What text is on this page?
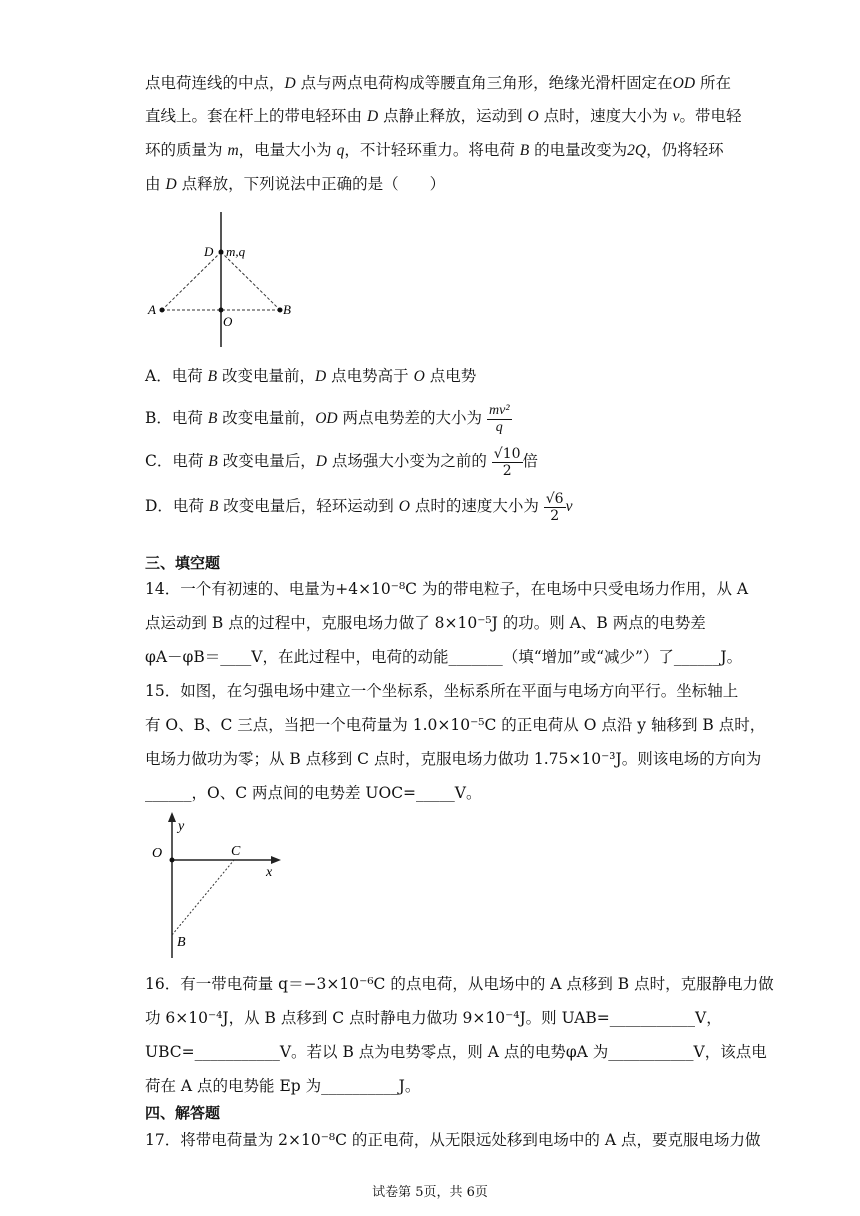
点电荷连线的中点，D 点与两点电荷构成等腰直角三角形，绝缘光滑杆固定在OD 所在
直线上。套在杆上的带电轻环由 D 点静止释放，运动到 O 点时，速度大小为 v。带电轻
环的质量为 m，电量大小为 q，不计轻环重力。将电荷 B 的电量改变为2Q，仍将轻环
由 D 点释放，下列说法中正确的是（　　）
D m,q
A
O
B
A．电荷 B 改变电量前，D 点电势高于 O 点电势
B．电荷 B 改变电量前，OD 两点电势差的大小为 $\frac{\text{mv²}}{q}$
C．电荷 B 改变电量后，D 点场强大小变为之前的 $\frac{√10}{2}$ 倍
D．电荷 B 改变电量后，轻环运动到 O 点时的速度大小为 $\frac{√6}{2}$ v
三、填空题
14．一个有初速的、电量为+4×10⁻⁸C 为的带电粒子，在电场中只受电场力作用，从 A
点运动到 B 点的过程中，克服电场力做了 8×10⁻⁵J 的功。则 A、B 两点的电势差
φA－φB＝____V，在此过程中，电荷的动能_______（填“增加”或“减少”）了______J。
15．如图，在匀强电场中建立一个坐标系，坐标系所在平面与电场方向平行。坐标轴上
有 O、B、C 三点，当把一个电荷量为 1.0×10⁻⁵C 的正电荷从 O 点沿 y 轴移到 B 点时，
电场力做功为零；从 B 点移到 C 点时，克服电场力做功 1.75×10⁻³J。则该电场的方向为
______，O、C 两点间的电势差 UOC=_____V。
y
O	C
x
B
16．有一带电荷量 q＝−3×10⁻⁶C 的点电荷，从电场中的 A 点移到 B 点时，克服静电力做
功 6×10⁻⁴J，从 B 点移到 C 点时静电力做功 9×10⁻⁴J。则 UAB=___________V，
UBC=___________V。若以 B 点为电势零点，则 A 点的电势φA 为___________V，该点电
荷在 A 点的电势能 Ep 为__________J。
四、解答题
17．将带电荷量为 2×10⁻⁸C 的正电荷，从无限远处移到电场中的 A 点，要克服电场力做
试卷第 5页，共 6页
